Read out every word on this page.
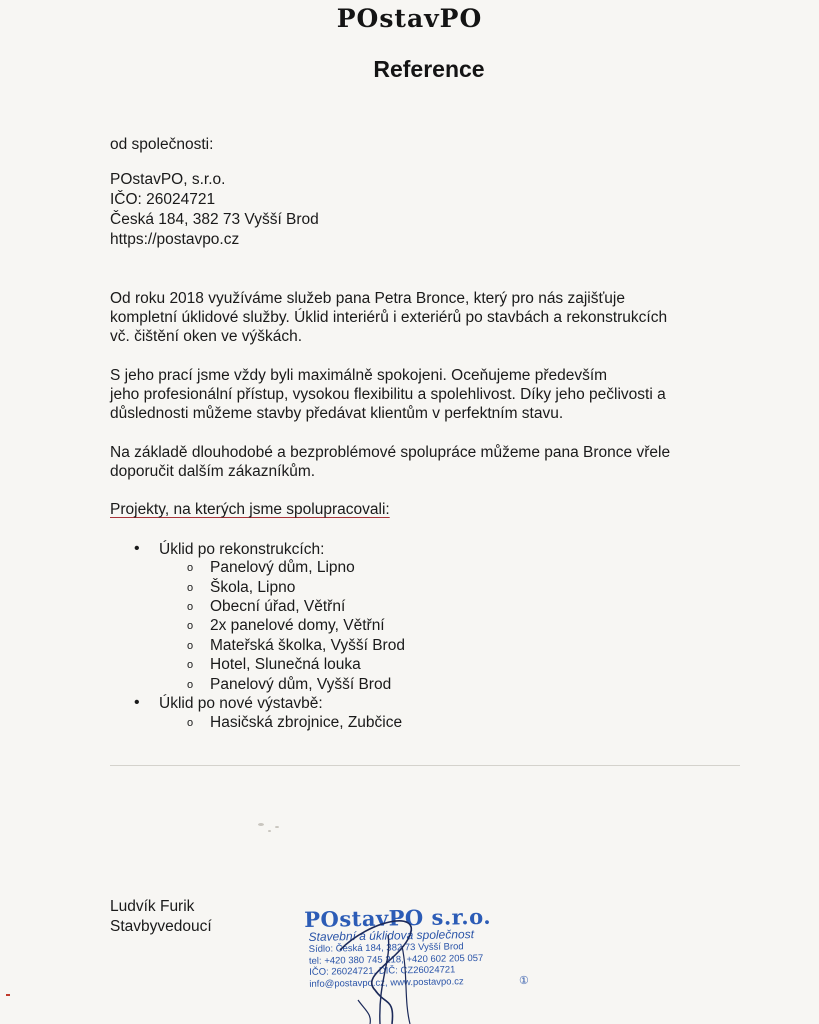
POstavPO
Reference
od společnosti:
POstavPO, s.r.o.
IČO: 26024721
Česká 184, 382 73 Vyšší Brod
https://postavpo.cz
Od roku 2018 využíváme služeb pana Petra Bronce, který pro nás zajišťuje
kompletní úklidové služby. Úklid interiérů i exteriérů po stavbách a rekonstrukcích
vč. čištění oken ve výškách.
S jeho prací jsme vždy byli maximálně spokojeni. Oceňujeme především
jeho profesionální přístup, vysokou flexibilitu a spolehlivost. Díky jeho pečlivosti a
důslednosti můžeme stavby předávat klientům v perfektním stavu.
Na základě dlouhodobé a bezproblémové spolupráce můžeme pana Bronce vřele
doporučit dalším zákazníkům.
Projekty, na kterých jsme spolupracovali:
• Úklid po rekonstrukcích:
o Panelový dům, Lipno
o Škola, Lipno
o Obecní úřad, Větřní
o 2x panelové domy, Větřní
o Mateřská školka, Vyšší Brod
o Hotel, Slunečná louka
o Panelový dům, Vyšší Brod
• Úklid po nové výstavbě:
o Hasičská zbrojnice, Zubčice
Ludvík Furik
Stavbyvedoucí	POstavPO s.r.o.
Stavební a úklidová společnost
Sídlo: Česká 184, 382 73 Vyšší Brod
tel: +420 380 745 218, +420 602 205 057
IČO: 26024721, DIČ: CZ26024721
info@postavpo.cz, www.postavpo.cz	①
